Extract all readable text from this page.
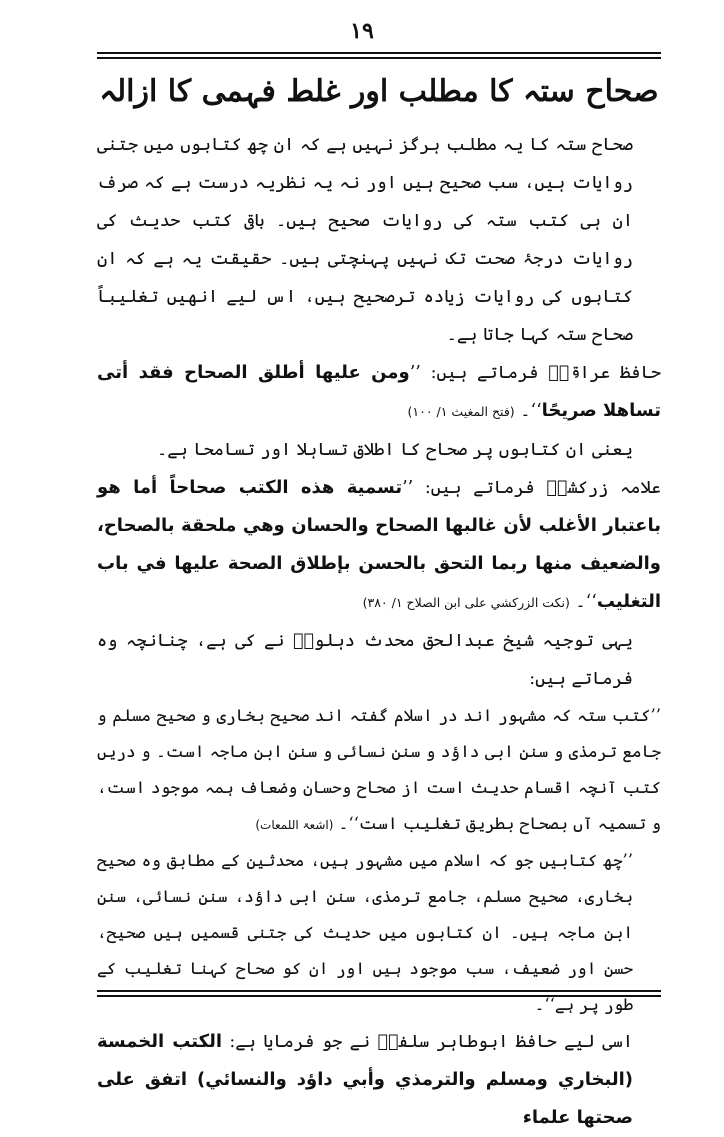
۱۹
صحاح ستہ کا مطلب اور غلط فہمی کا ازالہ

صحاح ستہ کا یہ مطلب ہرگز نہیں ہے کہ ان چھ کتابوں میں جتنی روایات ہیں، سب صحیح ہیں اور نہ یہ نظریہ درست ہے کہ صرف ان ہی کتب ستہ کی روایات صحیح ہیں۔ باقی کتب حدیث کی روایات درجۂ صحت تک نہیں پہنچتی ہیں۔ حقیقت یہ ہے کہ ان کتابوں کی روایات زیادہ ترصحیح ہیں، اس لیے انھیں تغلیباً صحاح ستہ کہا جاتا ہے۔

حافظ عراقیؒ فرماتے ہیں: ’’ومن عليها أطلق الصحاح فقد أتى تساهلا صريحًا‘‘۔ (فتح المغيث ١/ ١٠٠)

یعنی ان کتابوں پر صحاح کا اطلاق تساہلا اور تسامحا ہے۔

علامہ زرکشیؒ فرماتے ہیں: ’’تسمية هذه الكتب صحاحاً أما هو باعتبار الأغلب لأن غالبها الصحاح والحسان وهي ملحقة بالصحاح، والضعيف منها ربما التحق بالحسن بإطلاق الصحة عليها في باب التغليب‘‘۔ (نكت الزركشي على ابن الصلاح ١/ ٣٨٠)

یہی توجیہ شیخ عبدالحق محدث دہلویؒ نے کی ہے، چنانچہ وہ فرماتے ہیں:

’’کتب ستہ کہ مشہور اند در اسلام گفتہ اند صحیح بخاری و صحیح مسلم و جامع ترمذی و سنن ابی داؤد و سنن نسائی و سنن ابن ماجہ است۔ و دریں کتب آنچہ اقسام حدیث است از صحاح وحسان وضعاف ہمہ موجود است، و تسمیہ آں بصحاح بطریق تغلیب است‘‘۔ (اشعۃ اللمعات)

’’چھ کتابیں جو کہ اسلام میں مشہور ہیں، محدثین کے مطابق وہ صحیح بخاری، صحیح مسلم، جامع ترمذی، سنن ابی داؤد، سنن نسائی، سنن ابن ماجہ ہیں۔ ان کتابوں میں حدیث کی جتنی قسمیں ہیں صحیح، حسن اور ضعیف، سب موجود ہیں اور ان کو صحاح کہنا تغلیب کے طور پر ہے‘‘۔

اسی لیے حافظ ابوطاہر سلفیؒ نے جو فرمایا ہے: الكتب الخمسة (البخاري ومسلم والترمذي وأبي داؤد والنسائي) اتفق على صحتها علماء
